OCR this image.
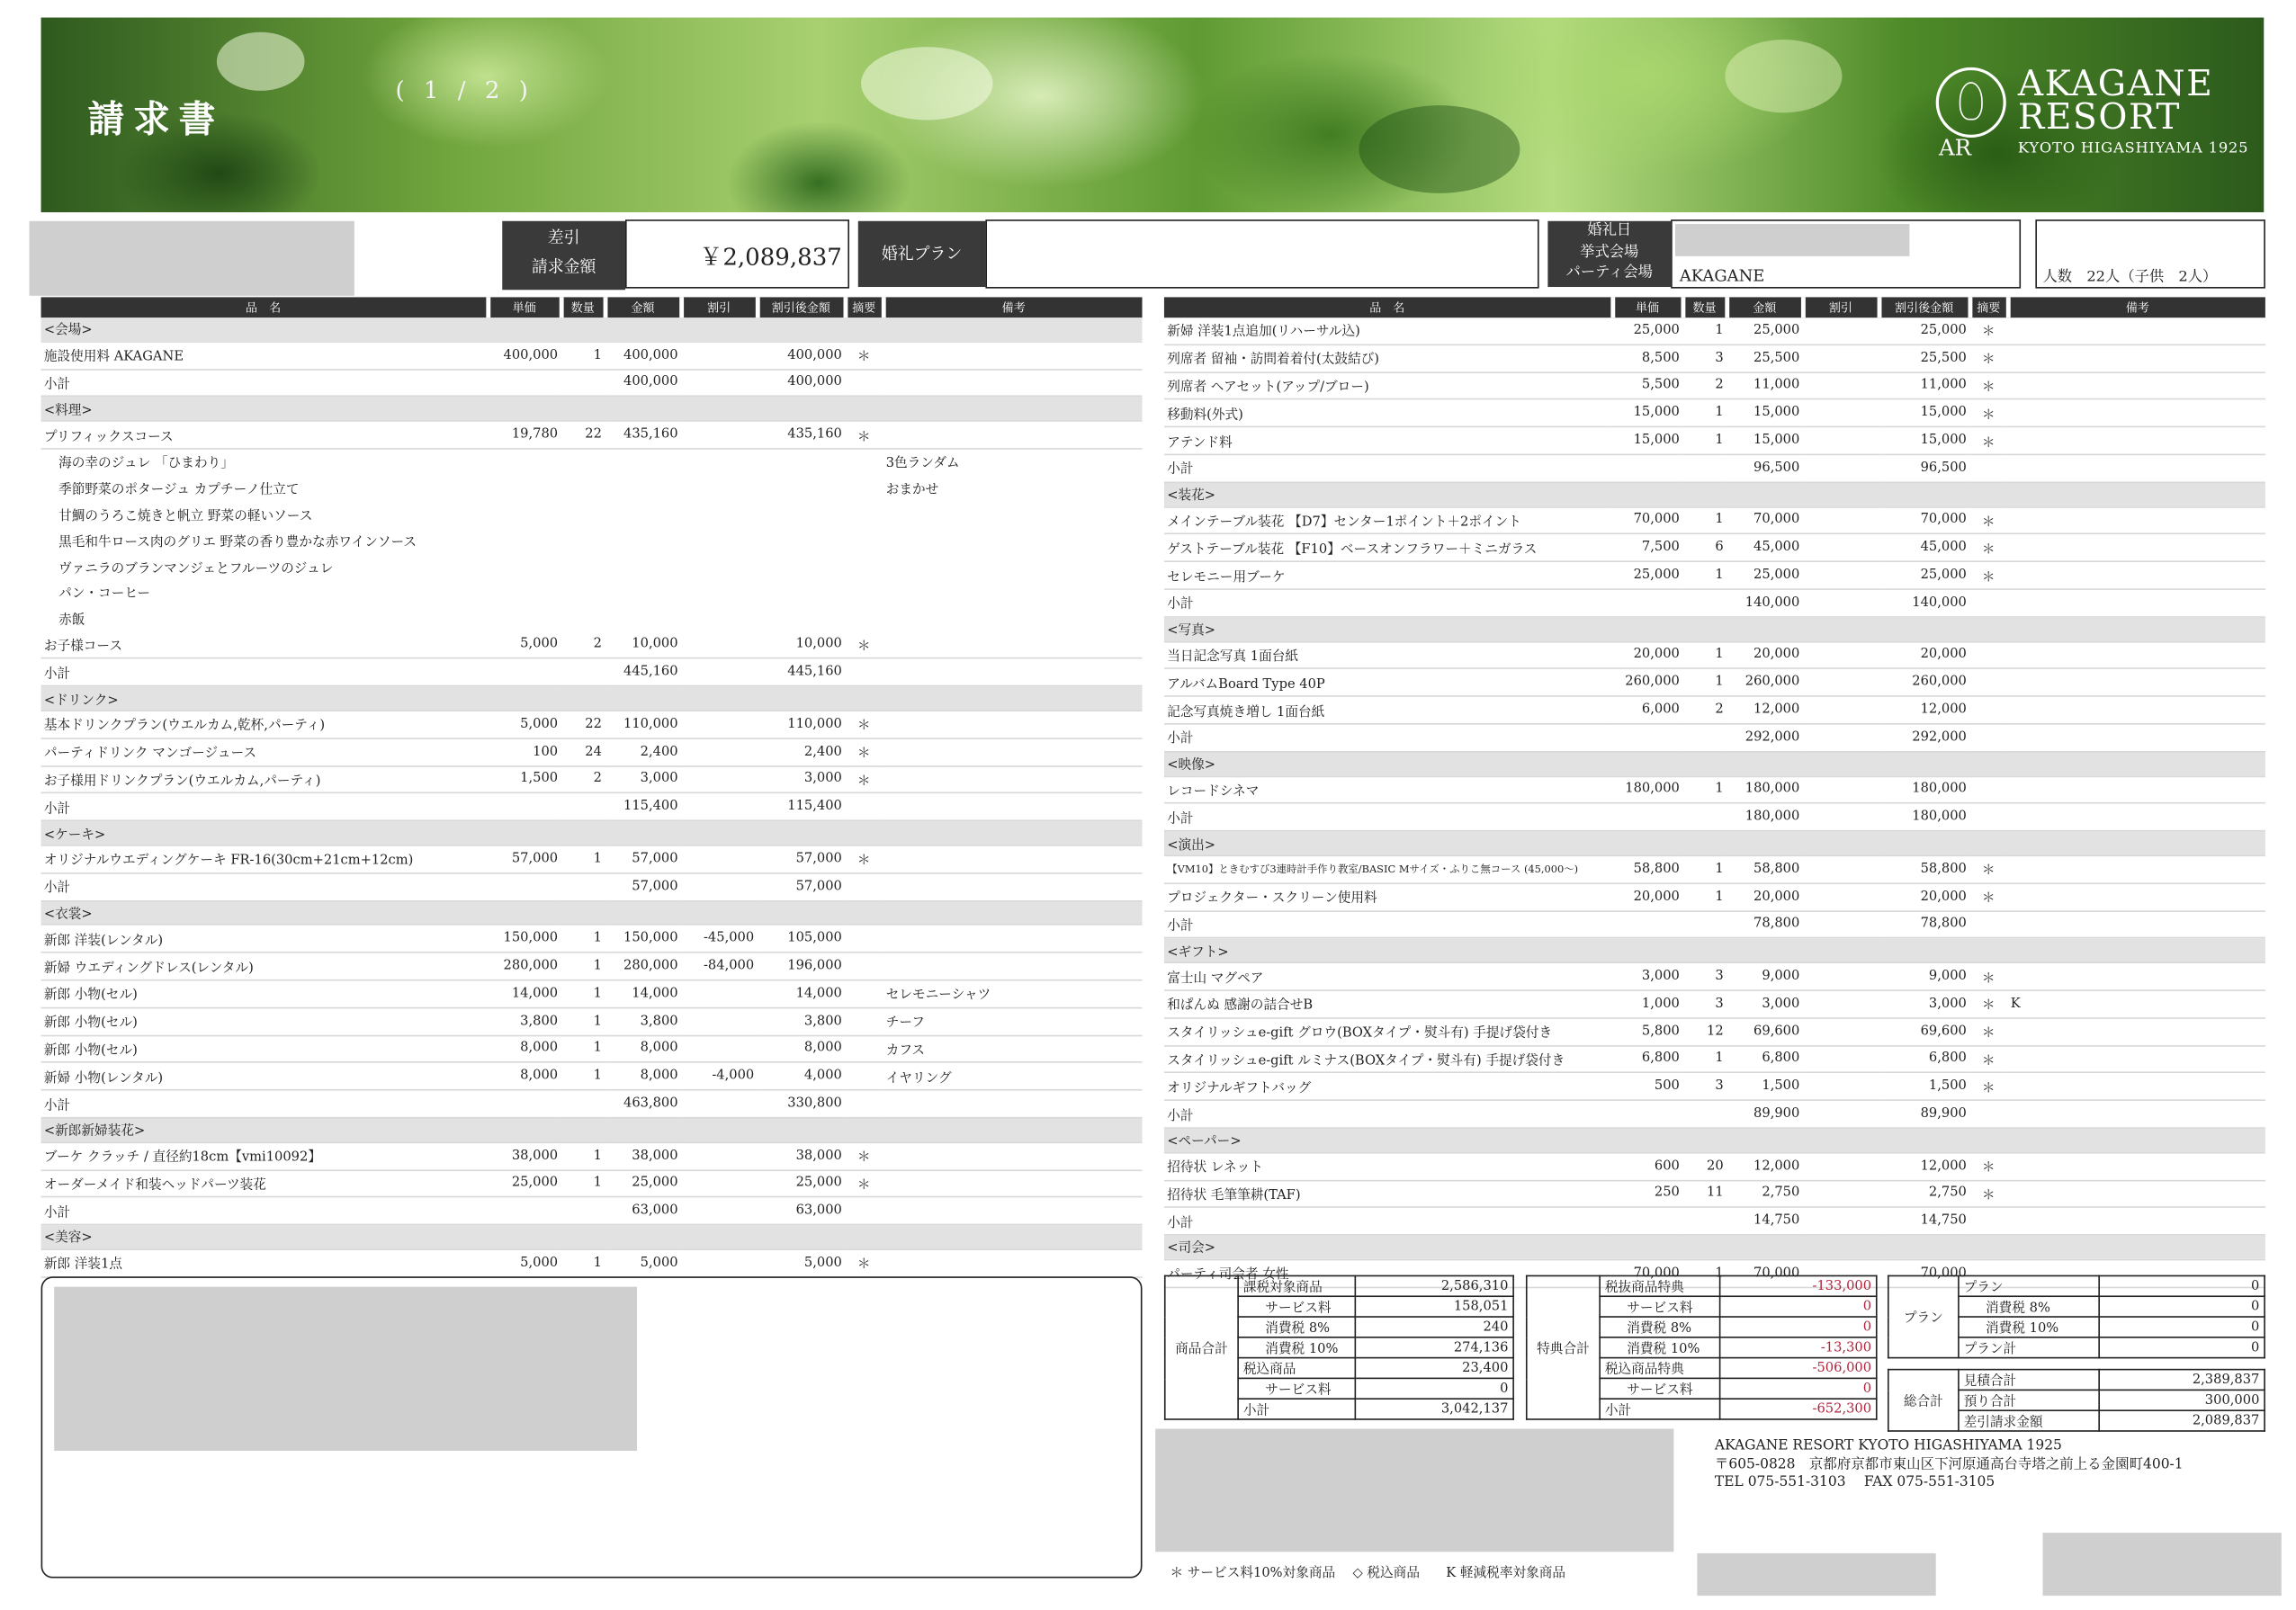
請求書
( 1 / 2 )
AR
AKAGANE
RESORT
KYOTO HIGASHIYAMA 1925
差引
請求金額	￥2,089,837	婚礼プラン
婚礼日
挙式会場
パーティ会場	AKAGANE	人数　22人（子供　2人）
品　名	単価	数量	金額	割引	割引後金額	摘要	備考
<会場>							
施設使用料 AKAGANE	400,000	1	400,000		400,000	＊	
小計			400,000		400,000		
<料理>							
プリフィックスコース	19,780	22	435,160		435,160	＊	
海の幸のジュレ 「ひまわり」							3色ランダム
季節野菜のポタージュ カプチーノ仕立て							おまかせ
甘鯛のうろこ焼きと帆立 野菜の軽いソース							
黒毛和牛ロース肉のグリエ 野菜の香り豊かな赤ワインソース							
ヴァニラのブランマンジェとフルーツのジュレ							
パン・コーヒー							
赤飯							
お子様コース	5,000	2	10,000		10,000	＊	
小計			445,160		445,160		
<ドリンク>							
基本ドリンクプラン(ウエルカム,乾杯,パーティ)	5,000	22	110,000		110,000	＊	
パーティドリンク マンゴージュース	100	24	2,400		2,400	＊	
お子様用ドリンクプラン(ウエルカム,パーティ)	1,500	2	3,000		3,000	＊	
小計			115,400		115,400		
<ケーキ>							
オリジナルウエディングケーキ FR-16(30cm+21cm+12cm)	57,000	1	57,000		57,000	＊	
小計			57,000		57,000		
<衣裳>							
新郎 洋装(レンタル)	150,000	1	150,000	-45,000	105,000		
新婦 ウエディングドレス(レンタル)	280,000	1	280,000	-84,000	196,000		
新郎 小物(セル)	14,000	1	14,000		14,000		セレモニーシャツ
新郎 小物(セル)	3,800	1	3,800		3,800		チーフ
新郎 小物(セル)	8,000	1	8,000		8,000		カフス
新婦 小物(レンタル)	8,000	1	8,000	-4,000	4,000		イヤリング
小計			463,800		330,800		
<新郎新婦装花>							
ブーケ クラッチ / 直径約18cm【vmi10092】	38,000	1	38,000		38,000	＊	
オーダーメイド和装ヘッドパーツ装花	25,000	1	25,000		25,000	＊	
小計			63,000		63,000		
<美容>							
新郎 洋装1点	5,000	1	5,000		5,000	＊	
品　名	単価	数量	金額	割引	割引後金額	摘要	備考
新婦 洋装1点追加(リハーサル込)	25,000	1	25,000		25,000	＊	
列席者 留袖・訪問着着付(太鼓結び)	8,500	3	25,500		25,500	＊	
列席者 ヘアセット(アップ/ブロー)	5,500	2	11,000		11,000	＊	
移動料(外式)	15,000	1	15,000		15,000	＊	
アテンド料	15,000	1	15,000		15,000	＊	
小計			96,500		96,500		
<装花>							
メインテーブル装花 【D7】センター1ポイント＋2ポイント	70,000	1	70,000		70,000	＊	
ゲストテーブル装花 【F10】ベースオンフラワー＋ミニガラス	7,500	6	45,000		45,000	＊	
セレモニー用ブーケ	25,000	1	25,000		25,000	＊	
小計			140,000		140,000		
<写真>							
当日記念写真 1面台紙	20,000	1	20,000		20,000		
アルバムBoard Type 40P	260,000	1	260,000		260,000		
記念写真焼き増し 1面台紙	6,000	2	12,000		12,000		
小計			292,000		292,000		
<映像>							
レコードシネマ	180,000	1	180,000		180,000		
小計			180,000		180,000		
<演出>							
【VM10】ときむすび3連時計手作り教室/BASIC Mサイズ・ふりこ無コース (45,000～)	58,800	1	58,800		58,800	＊	
プロジェクター・スクリーン使用料	20,000	1	20,000		20,000	＊	
小計			78,800		78,800		
<ギフト>							
富士山 マグペア	3,000	3	9,000		9,000	＊	
和ぱんぬ 感謝の詰合せB	1,000	3	3,000		3,000	＊	K
スタイリッシュe-gift グロウ(BOXタイプ・熨斗有) 手提げ袋付き	5,800	12	69,600		69,600	＊	
スタイリッシュe-gift ルミナス(BOXタイプ・熨斗有) 手提げ袋付き	6,800	1	6,800		6,800	＊	
オリジナルギフトバッグ	500	3	1,500		1,500	＊	
小計			89,900		89,900		
<ペーパー>							
招待状 レネット	600	20	12,000		12,000	＊	
招待状 毛筆筆耕(TAF)	250	11	2,750		2,750	＊	
小計			14,750		14,750		
<司会>							
パーティ司会者 女性	70,000	1	70,000		70,000		
商品合計	課税対象商品	2,586,310
	サービス料	158,051
	消費税 8%	240
	消費税 10%	274,136
	税込商品	23,400
	サービス料	0
	小計	3,042,137
特典合計	税抜商品特典	-133,000
	サービス料	0
	消費税 8%	0
	消費税 10%	-13,300
	税込商品特典	-506,000
	サービス料	0
	小計	-652,300
プラン	プラン	0
	消費税 8%	0
	消費税 10%	0
	プラン計	0
総合計	見積合計	2,389,837
	預り合計	300,000
	差引請求金額	2,089,837
AKAGANE RESORT KYOTO HIGASHIYAMA 1925
〒605-0828　京都府京都市東山区下河原通高台寺塔之前上る金園町400-1
TEL 075-551-3103　 FAX 075-551-3105
＊ サービス料10%対象商品　 ◇ 税込商品　　K 軽減税率対象商品
